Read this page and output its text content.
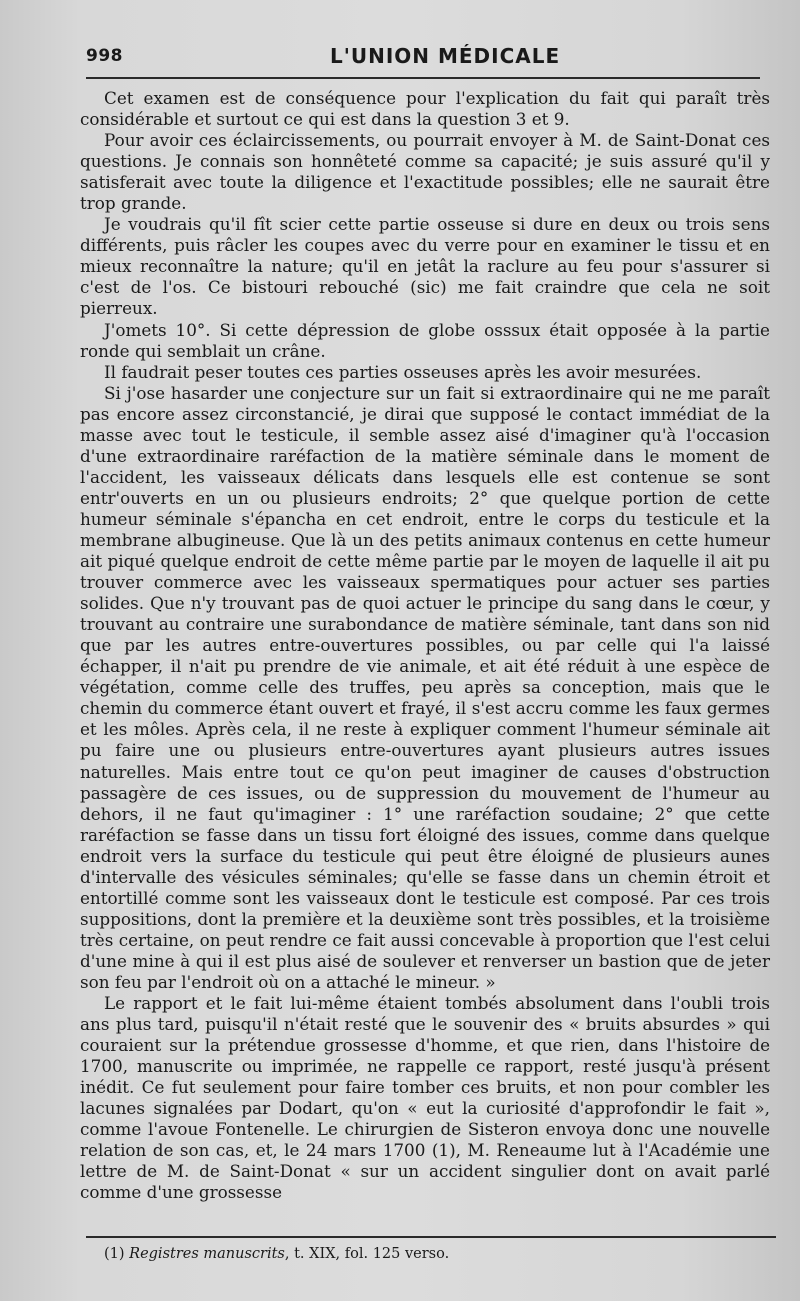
998	L'UNION MÉDICALE

Cet examen est de conséquence pour l'explication du fait qui paraît très considérable et surtout ce qui est dans la question 3 et 9.

Pour avoir ces éclaircissements, ou pourrait envoyer à M. de Saint-Donat ces questions. Je connais son honnêteté comme sa capacité; je suis assuré qu'il y satisferait avec toute la diligence et l'exactitude possibles; elle ne saurait être trop grande.

Je voudrais qu'il fît scier cette partie osseuse si dure en deux ou trois sens différents, puis râcler les coupes avec du verre pour en examiner le tissu et en mieux reconnaître la nature; qu'il en jetât la raclure au feu pour s'assurer si c'est de l'os. Ce bistouri rebouché (sic) me fait craindre que cela ne soit pierreux.

J'omets 10°. Si cette dépression de globe osssux était opposée à la partie ronde qui semblait un crâne.

Il faudrait peser toutes ces parties osseuses après les avoir mesurées.

Si j'ose hasarder une conjecture sur un fait si extraordinaire qui ne me paraît pas encore assez circonstancié, je dirai que supposé le contact immédiat de la masse avec tout le testicule, il semble assez aisé d'imaginer qu'à l'occasion d'une extraordinaire raréfaction de la matière séminale dans le moment de l'accident, les vaisseaux délicats dans lesquels elle est contenue se sont entr'ouverts en un ou plusieurs endroits; 2° que quelque portion de cette humeur séminale s'épancha en cet endroit, entre le corps du testicule et la membrane albugineuse. Que là un des petits animaux contenus en cette humeur ait piqué quelque endroit de cette même partie par le moyen de laquelle il ait pu trouver commerce avec les vaisseaux spermatiques pour actuer ses parties solides. Que n'y trouvant pas de quoi actuer le principe du sang dans le cœur, y trouvant au contraire une surabondance de matière séminale, tant dans son nid que par les autres entre-ouvertures possibles, ou par celle qui l'a laissé échapper, il n'ait pu prendre de vie animale, et ait été réduit à une espèce de végétation, comme celle des truffes, peu après sa conception, mais que le chemin du commerce étant ouvert et frayé, il s'est accru comme les faux germes et les môles. Après cela, il ne reste à expliquer comment l'humeur séminale ait pu faire une ou plusieurs entre-ouvertures ayant plusieurs autres issues naturelles. Mais entre tout ce qu'on peut imaginer de causes d'obstruction passagère de ces issues, ou de suppression du mouvement de l'humeur au dehors, il ne faut qu'imaginer : 1° une raréfaction soudaine; 2° que cette raréfaction se fasse dans un tissu fort éloigné des issues, comme dans quelque endroit vers la surface du testicule qui peut être éloigné de plusieurs aunes d'intervalle des vésicules séminales; qu'elle se fasse dans un chemin étroit et entortillé comme sont les vaisseaux dont le testicule est composé. Par ces trois suppositions, dont la première et la deuxième sont très possibles, et la troisième très certaine, on peut rendre ce fait aussi concevable à proportion que l'est celui d'une mine à qui il est plus aisé de soulever et renverser un bastion que de jeter son feu par l'endroit où on a attaché le mineur. »

Le rapport et le fait lui-même étaient tombés absolument dans l'oubli trois ans plus tard, puisqu'il n'était resté que le souvenir des « bruits absurdes » qui couraient sur la prétendue grossesse d'homme, et que rien, dans l'histoire de 1700, manuscrite ou imprimée, ne rappelle ce rapport, resté jusqu'à présent inédit. Ce fut seulement pour faire tomber ces bruits, et non pour combler les lacunes signalées par Dodart, qu'on « eut la curiosité d'approfondir le fait », comme l'avoue Fontenelle. Le chirurgien de Sisteron envoya donc une nouvelle relation de son cas, et, le 24 mars 1700 (1), M. Reneaume lut à l'Académie une lettre de M. de Saint-Donat « sur un accident singulier dont on avait parlé comme d'une grossesse

(1) Registres manuscrits, t. XIX, fol. 125 verso.
